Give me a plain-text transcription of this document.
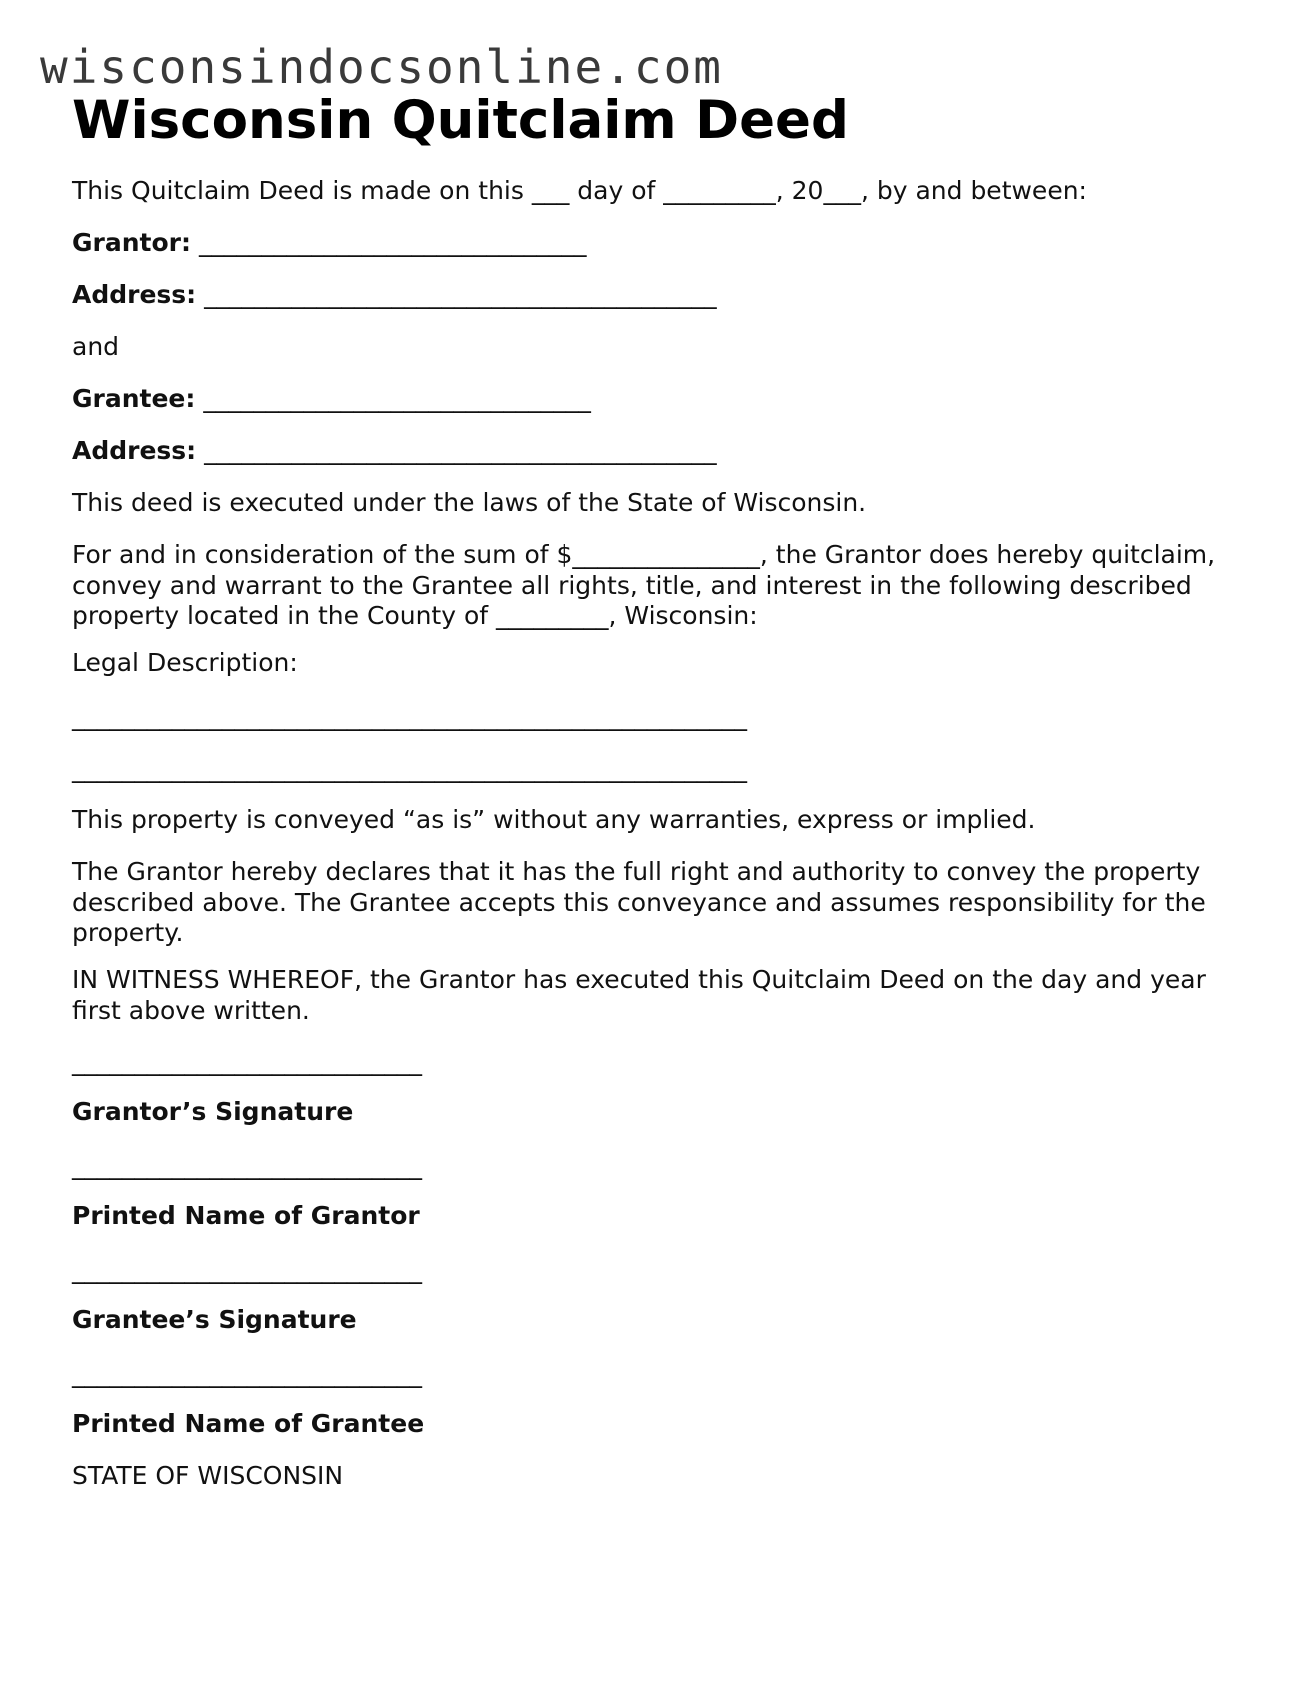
wisconsindocsonline.com
Wisconsin Quitclaim Deed
This Quitclaim Deed is made on this ___ day of _________, 20___, by and between:
Grantor: _______________________________
Address: _________________________________________
and
Grantee: _______________________________
Address: _________________________________________
This deed is executed under the laws of the State of Wisconsin.

For and in consideration of the sum of $_______________, the Grantor does hereby quitclaim, convey and warrant to the Grantee all rights, title, and interest in the following described property located in the County of _________, Wisconsin:

Legal Description:
______________________________________________________
______________________________________________________
This property is conveyed “as is” without any warranties, express or implied.

The Grantor hereby declares that it has the full right and authority to convey the property described above. The Grantee accepts this conveyance and assumes responsibility for the property.

IN WITNESS WHEREOF, the Grantor has executed this Quitclaim Deed on the day and year first above written.

____________________________
Grantor’s Signature
____________________________
Printed Name of Grantor
____________________________
Grantee’s Signature
____________________________
Printed Name of Grantee
STATE OF WISCONSIN
